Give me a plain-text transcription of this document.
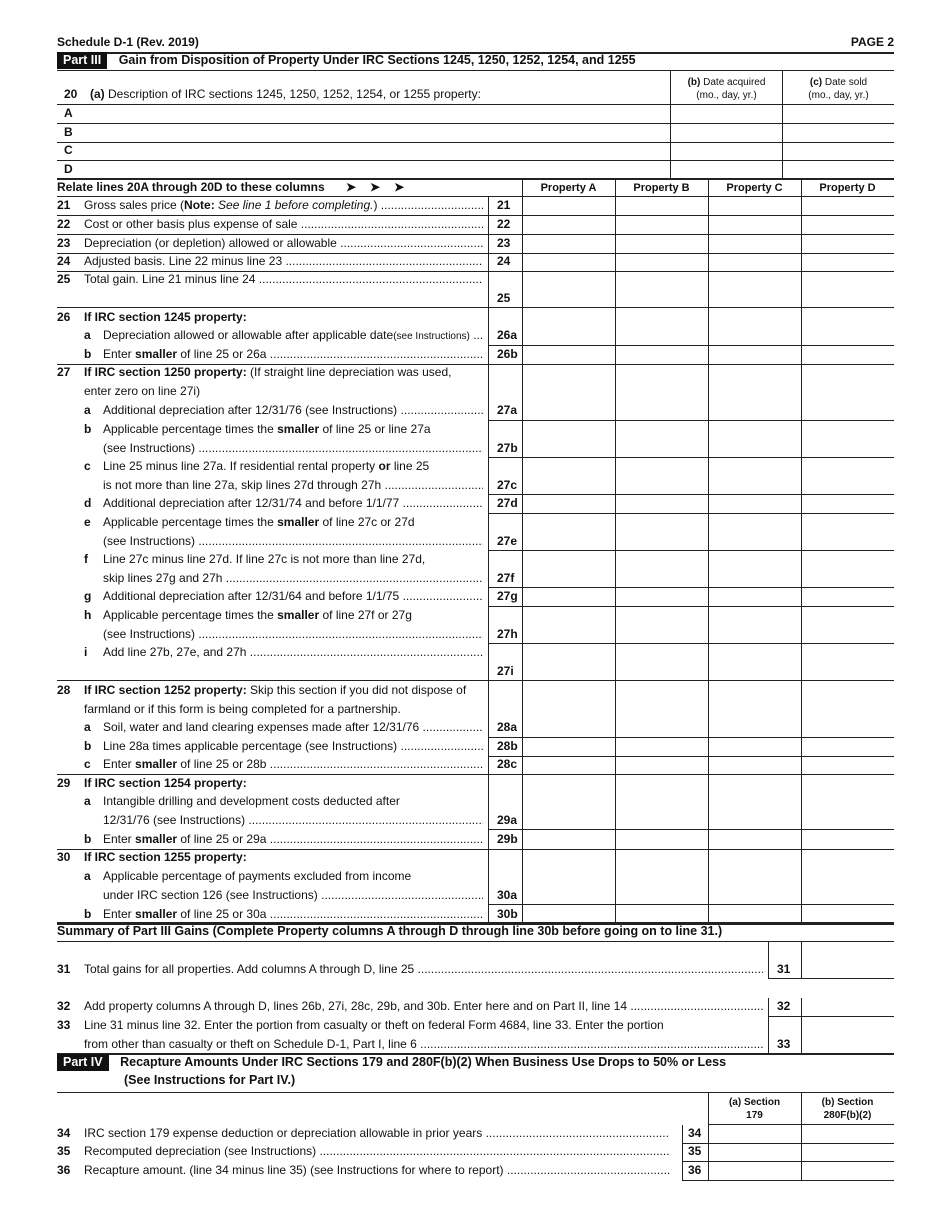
Schedule D-1 (Rev. 2019)	PAGE 2
Part III Gain from Disposition of Property Under IRC Sections 1245, 1250, 1252, 1254, and 1255
20 (a) Description of IRC sections 1245, 1250, 1252, 1254, or 1255 property:
(b) Date acquired
(mo., day, yr.)
(c) Date sold
(mo., day, yr.)
A
B
C
D
Relate lines 20A through 20D to these columns ➤➤➤	Property A	Property B	Property C	Property D
21 Gross sales price (Note: See line 1 before completing.) .....	21
22 Cost or other basis plus expense of sale .....	22
23 Depreciation (or depletion) allowed or allowable .....	23
24 Adjusted basis. Line 22 minus line 23 .....	24
25 Total gain. Line 21 minus line 24 .....
25
26 If IRC section 1245 property:
a Depreciation allowed or allowable after applicable date(see Instructions) .....	26a
b Enter smaller of line 25 or 26a .....	26b
27 If IRC section 1250 property: (If straight line depreciation was used,
enter zero on line 27i)
a Additional depreciation after 12/31/76 (see Instructions) .....	27a
b Applicable percentage times the smaller of line 25 or line 27a
(see Instructions) .....	27b
c Line 25 minus line 27a. If residential rental property or line 25
is not more than line 27a, skip lines 27d through 27h .....	27c
d Additional depreciation after 12/31/74 and before 1/1/77 .....	27d
e Applicable percentage times the smaller of line 27c or 27d
(see Instructions) .....	27e
f Line 27c minus line 27d. If line 27c is not more than line 27d,
skip lines 27g and 27h .....	27f
g Additional depreciation after 12/31/64 and before 1/1/75 .....	27g
h Applicable percentage times the smaller of line 27f or 27g
(see Instructions) .....	27h
i Add line 27b, 27e, and 27h .....
27i
28 If IRC section 1252 property: Skip this section if you did not dispose of
farmland or if this form is being completed for a partnership.
a Soil, water and land clearing expenses made after 12/31/76 .....	28a
b Line 28a times applicable percentage (see Instructions) .....	28b
c Enter smaller of line 25 or 28b .....	28c
29 If IRC section 1254 property:
a Intangible drilling and development costs deducted after
12/31/76 (see Instructions) .....	29a
b Enter smaller of line 25 or 29a .....	29b
30 If IRC section 1255 property:
a Applicable percentage of payments excluded from income
under IRC section 126 (see Instructions) .....	30a
b Enter smaller of line 25 or 30a .....	30b
Summary of Part III Gains (Complete Property columns A through D through line 30b before going on to line 31.)
31 Total gains for all properties. Add columns A through D, line 25 .....	31
32 Add property columns A through D, lines 26b, 27i, 28c, 29b, and 30b. Enter here and on Part II, line 14 .....	32
33 Line 31 minus line 32. Enter the portion from casualty or theft on federal Form 4684, line 33. Enter the portion
from other than casualty or theft on Schedule D-1, Part I, line 6 .....	33
Part IV Recapture Amounts Under IRC Sections 179 and 280F(b)(2) When Business Use Drops to 50% or Less
(See Instructions for Part IV.)
(a) Section
179
(b) Section
280F(b)(2)
34 IRC section 179 expense deduction or depreciation allowable in prior years .....	34
35 Recomputed depreciation (see Instructions) .....	35
36 Recapture amount. (line 34 minus line 35) (see Instructions for where to report) .....	36
